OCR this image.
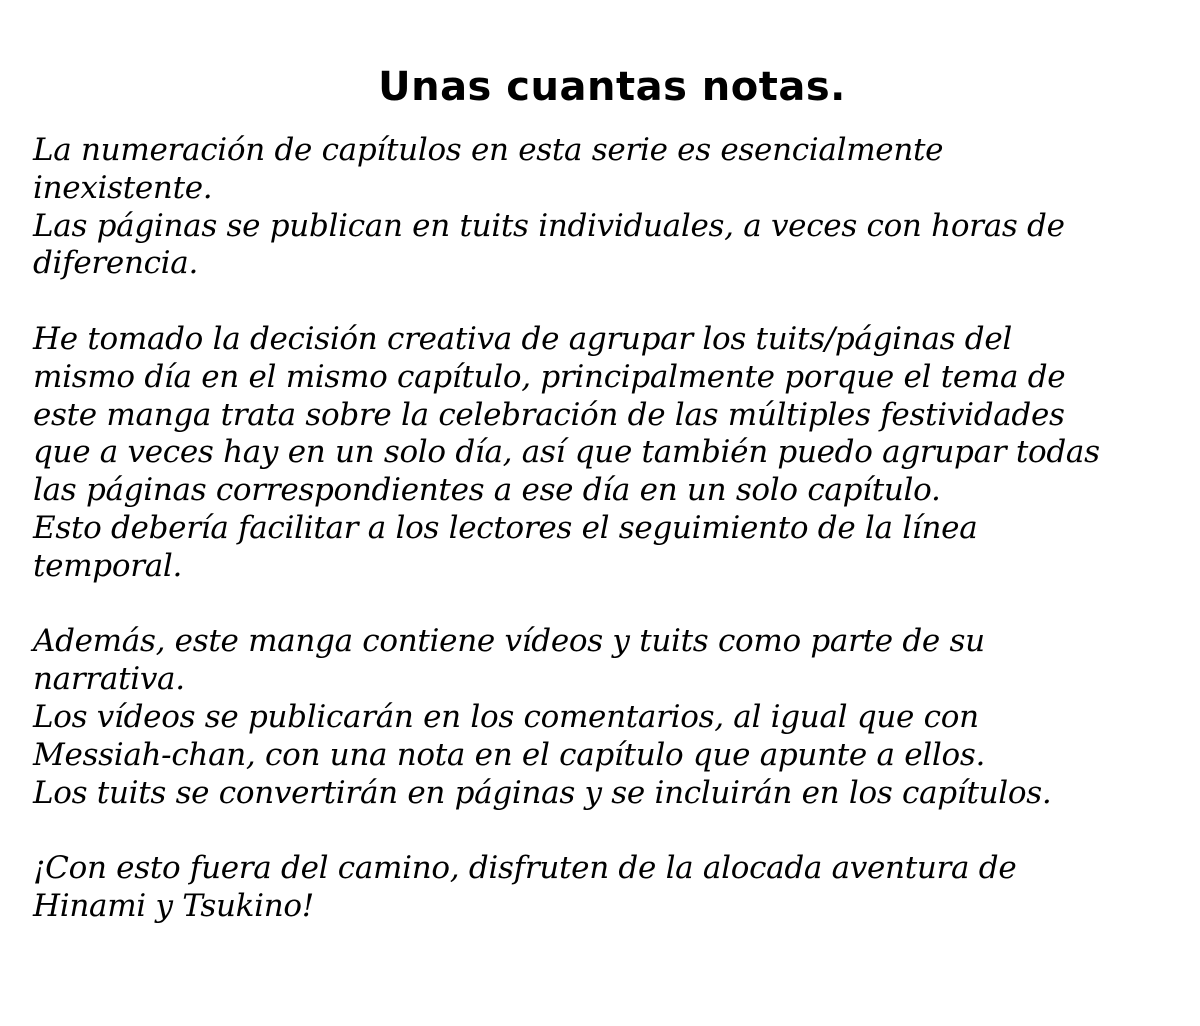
Unas cuantas notas.
La numeración de capítulos en esta serie es esencialmente
inexistente.
Las páginas se publican en tuits individuales, a veces con horas de
diferencia.
He tomado la decisión creativa de agrupar los tuits/páginas del
mismo día en el mismo capítulo, principalmente porque el tema de
este manga trata sobre la celebración de las múltiples festividades
que a veces hay en un solo día, así que también puedo agrupar todas
las páginas correspondientes a ese día en un solo capítulo.
Esto debería facilitar a los lectores el seguimiento de la línea
temporal.
Además, este manga contiene vídeos y tuits como parte de su
narrativa.
Los vídeos se publicarán en los comentarios, al igual que con
Messiah-chan, con una nota en el capítulo que apunte a ellos.
Los tuits se convertirán en páginas y se incluirán en los capítulos.
¡Con esto fuera del camino, disfruten de la alocada aventura de
Hinami y Tsukino!
